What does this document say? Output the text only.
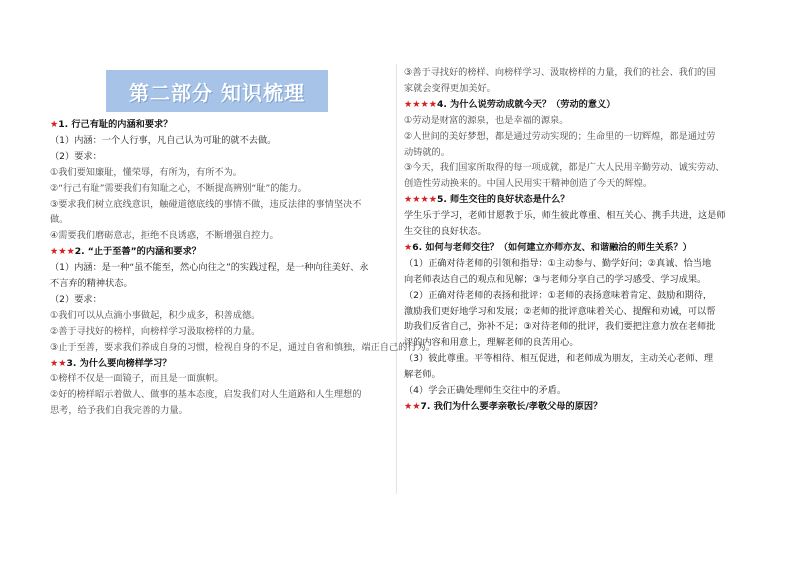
第二部分 知识梳理
★1. 行己有耻的内涵和要求？
（1）内涵：一个人行事，凡自己认为可耻的就不去做。
（2）要求：
①我们要知廉耻，懂荣辱，有所为，有所不为。
②“行己有耻”需要我们有知耻之心，不断提高辨别“耻”的能力。
③要求我们树立底线意识，触碰道德底线的事情不做，违反法律的事情坚决不
做。
④需要我们磨砺意志，拒绝不良诱惑，不断增强自控力。
★★★2. “止于至善”的内涵和要求？
（1）内涵：是一种“虽不能至，然心向往之”的实践过程，是一种向往美好、永
不言弃的精神状态。
（2）要求：
①我们可以从点滴小事做起，积少成多，积善成德。
②善于寻找好的榜样，向榜样学习汲取榜样的力量。
③止于至善，要求我们养成自身的习惯，检视自身的不足，通过自省和慎独，端正自己的行为。
★★3. 为什么要向榜样学习？
①榜样不仅是一面镜子，而且是一面旗帜。
②好的榜样昭示着做人、做事的基本态度，启发我们对人生道路和人生理想的
思考，给予我们自我完善的力量。
③善于寻找好的榜样、向榜样学习、汲取榜样的力量，我们的社会、我们的国
家就会变得更加美好。
★★★★4. 为什么说劳动成就今天？（劳动的意义）
①劳动是财富的源泉，也是幸福的源泉。
②人世间的美好梦想，都是通过劳动实现的；生命里的一切辉煌，都是通过劳
动铸就的。
③今天，我们国家所取得的每一项成就，都是广大人民用辛勤劳动、诚实劳动、
创造性劳动换来的。中国人民用实干精神创造了今天的辉煌。
★★★★5. 师生交往的良好状态是什么？
学生乐于学习，老师甘愿教于乐，师生彼此尊重、相互关心、携手共进，这是师
生交往的良好状态。
★6. 如何与老师交往？（如何建立亦师亦友、和谐融洽的师生关系？）
（1）正确对待老师的引领和指导：①主动参与、勤学好问；②真诚、恰当地
向老师表达自己的观点和见解；③与老师分享自己的学习感受、学习成果。
（2）正确对待老师的表扬和批评：①老师的表扬意味着肯定、鼓励和期待，
激励我们更好地学习和发展；②老师的批评意味着关心、提醒和劝诫，可以帮
助我们反省自己，弥补不足；③对待老师的批评，我们要把注意力放在老师批
评的内容和用意上，理解老师的良苦用心。
（3）彼此尊重。平等相待、相互促进，和老师成为朋友，主动关心老师、理
解老师。
（4）学会正确处理师生交往中的矛盾。
★★7. 我们为什么要孝亲敬长/孝敬父母的原因？
